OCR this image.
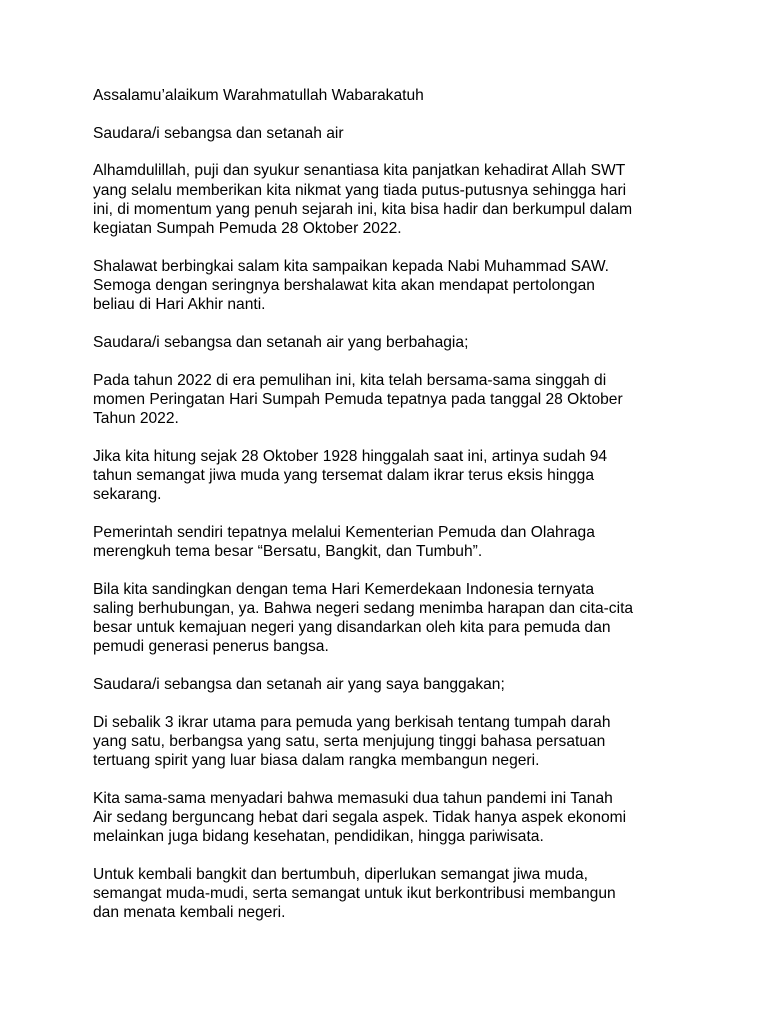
Assalamu’alaikum Warahmatullah Wabarakatuh

Saudara/i sebangsa dan setanah air

Alhamdulillah, puji dan syukur senantiasa kita panjatkan kehadirat Allah SWT
yang selalu memberikan kita nikmat yang tiada putus-putusnya sehingga hari
ini, di momentum yang penuh sejarah ini, kita bisa hadir dan berkumpul dalam
kegiatan Sumpah Pemuda 28 Oktober 2022.

Shalawat berbingkai salam kita sampaikan kepada Nabi Muhammad SAW.
Semoga dengan seringnya bershalawat kita akan mendapat pertolongan
beliau di Hari Akhir nanti.

Saudara/i sebangsa dan setanah air yang berbahagia;

Pada tahun 2022 di era pemulihan ini, kita telah bersama-sama singgah di
momen Peringatan Hari Sumpah Pemuda tepatnya pada tanggal 28 Oktober
Tahun 2022.

Jika kita hitung sejak 28 Oktober 1928 hinggalah saat ini, artinya sudah 94
tahun semangat jiwa muda yang tersemat dalam ikrar terus eksis hingga
sekarang.

Pemerintah sendiri tepatnya melalui Kementerian Pemuda dan Olahraga
merengkuh tema besar “Bersatu, Bangkit, dan Tumbuh”.

Bila kita sandingkan dengan tema Hari Kemerdekaan Indonesia ternyata
saling berhubungan, ya. Bahwa negeri sedang menimba harapan dan cita-cita
besar untuk kemajuan negeri yang disandarkan oleh kita para pemuda dan
pemudi generasi penerus bangsa.

Saudara/i sebangsa dan setanah air yang saya banggakan;

Di sebalik 3 ikrar utama para pemuda yang berkisah tentang tumpah darah
yang satu, berbangsa yang satu, serta menjujung tinggi bahasa persatuan
tertuang spirit yang luar biasa dalam rangka membangun negeri.

Kita sama-sama menyadari bahwa memasuki dua tahun pandemi ini Tanah
Air sedang berguncang hebat dari segala aspek. Tidak hanya aspek ekonomi
melainkan juga bidang kesehatan, pendidikan, hingga pariwisata.

Untuk kembali bangkit dan bertumbuh, diperlukan semangat jiwa muda,
semangat muda-mudi, serta semangat untuk ikut berkontribusi membangun
dan menata kembali negeri.
